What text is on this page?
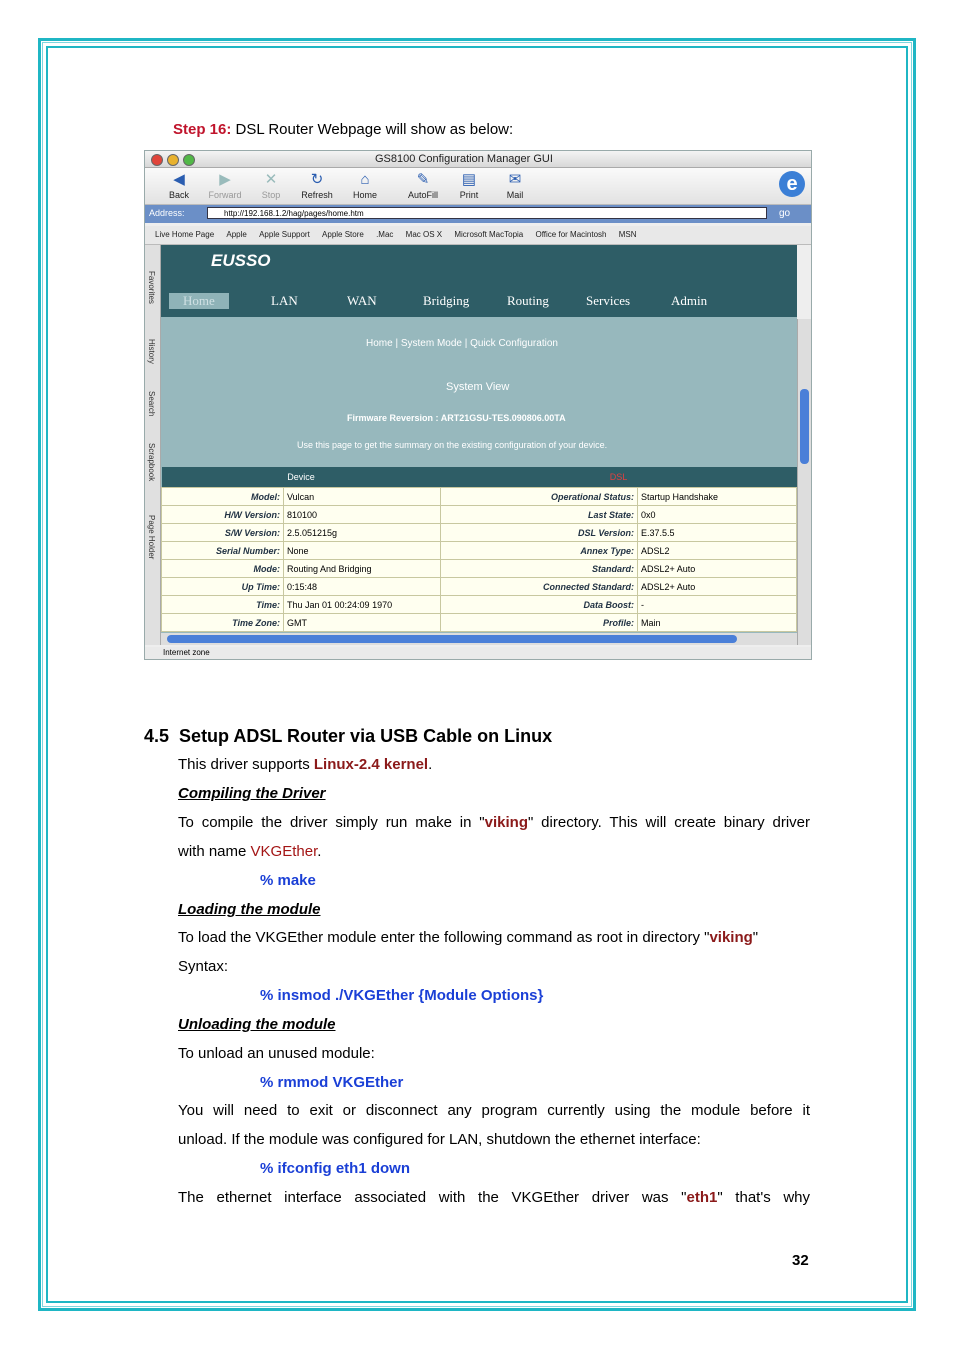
Step 16: DSL Router Webpage will show as below:
GS8100 Configuration Manager GUI
◀
Back
▶
Forward
✕
Stop
↻
Refresh
⌂
Home
✎
AutoFill
▤
Print
✉
Mail	e
Address:	http://192.168.1.2/hag/pages/home.htm	go
Live Home Page Apple Apple Support Apple Store .Mac Mac OS X Microsoft MacTopia Office for Macintosh MSN
Favorites
History
Search
Scrapbook
Page Holder
EUSSO
Home	LAN	WAN	Bridging	Routing	Services	Admin
Home | System Mode | Quick Configuration
System View
Firmware Reversion : ART21GSU-TES.090806.00TA
Use this page to get the summary on the existing configuration of your device.
Device		DSL	
Model:	Vulcan	Operational Status:	Startup Handshake
H/W Version:	810100	Last State:	0x0
S/W Version:	2.5.051215g	DSL Version:	E.37.5.5
Serial Number:	None	Annex Type:	ADSL2
Mode:	Routing And Bridging	Standard:	ADSL2+ Auto
Up Time:	0:15:48	Connected Standard:	ADSL2+ Auto
Time:	Thu Jan 01 00:24:09 1970	Data Boost:	-
Time Zone:	GMT	Profile:	Main
Internet zone
4.5 Setup ADSL Router via USB Cable on Linux
This driver supports Linux-2.4 kernel.
Compiling the Driver
To compile the driver simply run make in "viking" directory. This will create binary driver
with name VKGEther.
% make
Loading the module
To load the VKGEther module enter the following command as root in directory "viking"
Syntax:
% insmod ./VKGEther {Module Options}
Unloading the module
To unload an unused module:
% rmmod VKGEther
You will need to exit or disconnect any program currently using the module before it
unload. If the module was configured for LAN, shutdown the ethernet interface:
% ifconfig eth1 down
The ethernet interface associated with the VKGEther driver was "eth1" that's why
32
